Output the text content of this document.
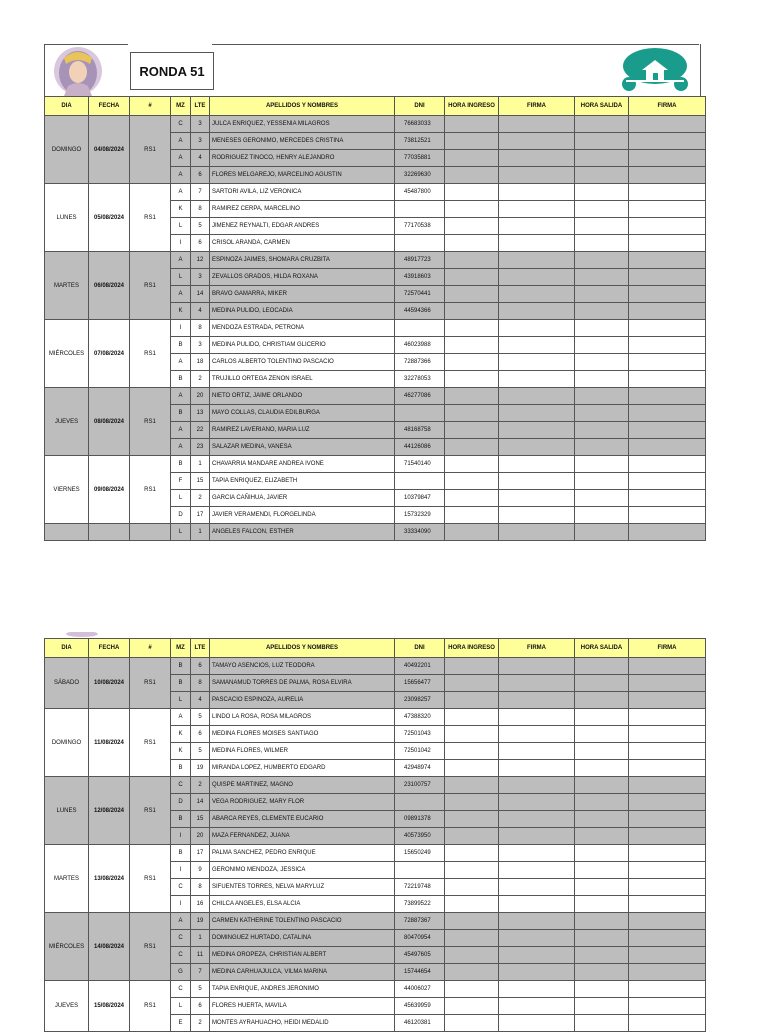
RONDA 51
DIA	FECHA	#	MZ	LTE	APELLIDOS Y NOMBRES	DNI	HORA INGRESO	FIRMA	HORA SALIDA	FIRMA
DOMINGO	04/08/2024	RS1	C	3	JULCA ENRIQUEZ, YESSENIA MILAGROS	76683033				
			A	3	MENESES GERONIMO, MERCEDES CRISTINA	73812521				
			A	4	RODRIGUEZ TINOCO, HENRY ALEJANDRO	77035881				
			A	6	FLORES MELGAREJO, MARCELINO AGUSTIN	32269630				
LUNES	05/08/2024	RS1	A	7	SARTORI AVILA, LIZ VERONICA	45487800				
			K	8	RAMIREZ CERPA, MARCELINO					
			L	5	JIMENEZ REYNALTI, EDGAR ANDRES	77170538				
			I	6	CRISOL ARANDA, CARMEN					
MARTES	06/08/2024	RS1	A	12	ESPINOZA JAIMES, SHOMARA CRUZBITA	48917723				
			L	3	ZEVALLOS GRADOS, HILDA ROXANA	43918603				
			A	14	BRAVO GAMARRA, MIKER	72570441				
			K	4	MEDINA PULIDO, LEOCADIA	44594366				
MIÉRCOLES	07/08/2024	RS1	I	8	MENDOZA ESTRADA, PETRONA					
			B	3	MEDINA PULIDO, CHRISTIAM GLICERIO	46023988				
			A	18	CARLOS ALBERTO TOLENTINO PASCACIO	72887366				
			B	2	TRUJILLO ORTEGA ZENON ISRAEL	32278053				
JUEVES	08/08/2024	RS1	A	20	NIETO ORTIZ, JAIME ORLANDO	46277086				
			B	13	MAYO COLLAS, CLAUDIA EDILBURGA					
			A	22	RAMIREZ LAVERIANO, MARIA LUZ	48168758				
			A	23	SALAZAR MEDINA, VANESA	44126086				
VIERNES	09/08/2024	RS1	B	1	CHAVARRIA MANDARE ANDREA IVONE	71540140				
			F	15	TAPIA ENRIQUEZ, ELIZABETH					
			L	2	GARCIA CAÑIHUA, JAVIER	10379847				
			D	17	JAVIER VERAMENDI, FLORGELINDA	15732329				
			L	1	ANGELES FALCON, ESTHER	33334090				
DIA	FECHA	#	MZ	LTE	APELLIDOS Y NOMBRES	DNI	HORA INGRESO	FIRMA	HORA SALIDA	FIRMA
SÁBADO	10/08/2024	RS1	B	6	TAMAYO ASENCIOS, LUZ TEODORA	40492201				
			B	8	SAMANAMUD TORRES DE PALMA, ROSA ELVIRA	15656477				
			L	4	PASCACIO ESPINOZA, AURELIA	23098257				
DOMINGO	11/08/2024	RS1	A	5	LINDO LA ROSA, ROSA MILAGROS	47388320				
			K	6	MEDINA FLORES MOISES SANTIAGO	72501043				
			K	5	MEDINA FLORES, WILMER	72501042				
			B	19	MIRANDA LOPEZ, HUMBERTO EDGARD	42948974				
LUNES	12/08/2024	RS1	C	2	QUISPE MARTINEZ, MAGNO	23100757				
			D	14	VEGA RODRIGUEZ, MARY FLOR					
			B	15	ABARCA REYES, CLEMENTE EUCARIO	09891378				
			I	20	MAZA FERNANDEZ, JUANA	40573950				
MARTES	13/08/2024	RS1	B	17	PALMA SANCHEZ, PEDRO ENRIQUE	15650249				
			I	9	GERONIMO MENDOZA, JESSICA					
			C	8	SIFUENTES TORRES, NELVA MARYLUZ	72219748				
			I	16	CHILCA ANGELES, ELSA ALCIA	73899522				
MIÉRCOLES	14/08/2024	RS1	A	19	CARMEN KATHERINE TOLENTINO PASCACIO	72887367				
			C	1	DOMINGUEZ HURTADO, CATALINA	80470954				
			C	11	MEDINA OROPEZA, CHRISTIAN ALBERT	45497605				
			G	7	MEDINA CARHUAJULCA, VILMA MARINA	15744654				
JUEVES	15/08/2024	RS1	C	5	TAPIA ENRIQUE, ANDRES JERONIMO	44006027				
			L	6	FLORES HUERTA, MAVILA	45639959				
			E	2	MONTES AYRAHUACHO, HEIDI MEDALID	46120381				
